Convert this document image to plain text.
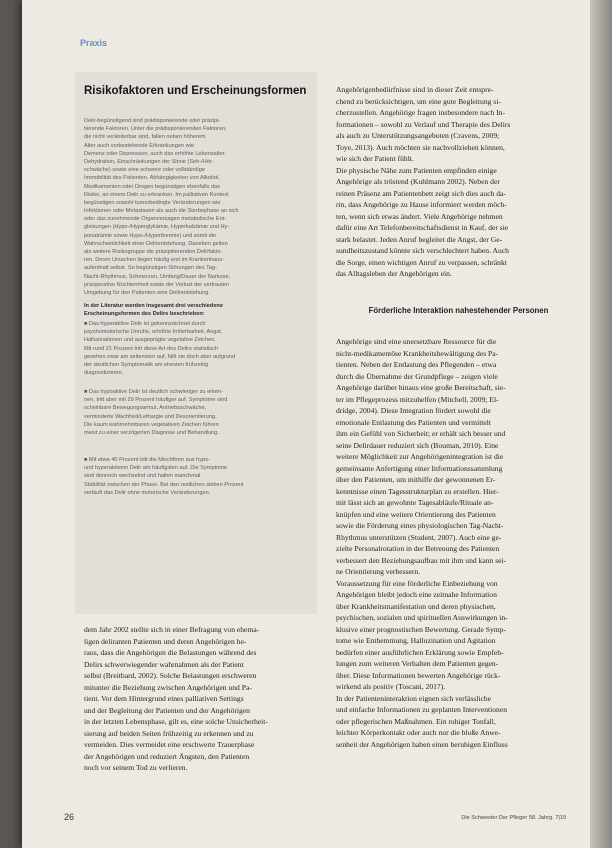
Praxis
Risikofaktoren und Erscheinungsformen
Delir-begünstigend sind prädisponierende oder präzipi-
tierende Faktoren. Unter die prädisponierenden Faktoren,
die nicht veränderbar sind, fallen neben höherem
Alter auch vorbestehende Erkrankungen wie
Demenz oder Depression, auch das erhöhte Lebensalter,
Dehydration, Einschränkungen der Sinne (Seh-/Hör-
schwäche) sowie eine schwere oder vollständige
Immobilität des Patienten. Abhängigkeiten von Alkohol,
Medikamenten oder Drogen begünstigen ebenfalls das
Risiko, an einem Delir zu erkranken. Im palliativen Kontext
begünstigen sowohl tumorbedingte Veränderungen wie
Infektionen oder Metastasen als auch die Sterbephase an sich
oder das zunehmende Organversagen metabolische Ent-
gleisungen (Hypo-/Hyperglykämie, Hyperkalzämie und Hy-
ponaträmie sowie Hypo-/Hyperthermie) und somit die
Wahrscheinlichkeit einer Delirentstehung. Daneben gelten
als weitere Risikogruppe die präzipitierenden Delirfakto-
ren. Deren Ursachen liegen häufig erst im Krankenhaus-
aufenthalt selbst. So begünstigen Störungen des Tag-
Nacht-Rhythmus, Schmerzen, Umfang/Dauer der Narkose,
präoperative Nüchternheit sowie der Verlust der vertrauten
Umgebung für den Patienten eine Delirentstehung.
In der Literatur werden insgesamt drei verschiedene
Erscheinungsformen des Delirs beschrieben:
■ Das hyperaktive Delir ist gekennzeichnet durch
psychomotorische Unruhe, erhöhte Irritierbarkeit, Angst,
Halluzinationen und ausgeprägte vegetative Zeichen.
Mit rund 21 Prozent tritt diese Art des Delirs statistisch
gesehen zwar am seltensten auf, fällt sie doch aber aufgrund
der deutlichen Symptomatik am ehesten frühzeitig
diagnostizieren.
■ Das hypoaktive Delir ist deutlich schwieriger zu erken-
nen, tritt aber mit 29 Prozent häufiger auf. Symptome sind
scheinbare Bewegungsarmut, Antriebsschwäche,
verminderte Wachheit/Lethargie und Desorientierung.
Die kaum wahrnehmbaren vegetativen Zeichen führen
meist zu einer verzögerten Diagnose und Behandlung.
■ Mit etwa 40 Prozent tritt die Mischform aus hypo-
und hyperaktivem Delir am häufigsten auf. Die Symptome
sind dennoch wechselnd und halten manchmal
Stabilität zwischen der Phase. Bei den restlichen sieben Prozent
verläuft das Delir ohne motorische Veränderungen.
dem Jahr 2002 stellte sich in einer Befragung von ehema-
ligen deliranten Patienten und deren Angehörigen he-
raus, dass die Angehörigen die Belastungen während des
Delirs schwerwiegender wahrnahmen als der Patient
selbst (Breitbard, 2002). Solche Belastungen erschweren
mitunter die Beziehung zwischen Angehörigen und Pa-
tient. Vor dem Hintergrund eines palliativen Settings
und der Begleitung der Patienten und der Angehörigen
in der letzten Lebensphase, gilt es, eine solche Unsicherheit-
sierung auf beiden Seiten frühzeitig zu erkennen und zu
vermeiden. Dies vermeidet eine erschwerte Trauerphase
der Angehörigen und reduziert Ängsten, den Patienten
noch vor seinem Tod zu verlieren.
Angehörigenbedürfnisse sind in dieser Zeit entspre-
chend zu berücksichtigen, um eine gute Begleitung si-
cherzustellen. Angehörige fragen insbesondere nach In-
formationen – sowohl zu Verlauf und Therapie des Delirs
als auch zu Unterstützungsangeboten (Cravens, 2009;
Toye, 2013). Auch möchten sie nachvollziehen können,
wie sich der Patient fühlt.
Die physische Nähe zum Patienten empfinden einige
Angehörige als tröstend (Kuhlmann 2002). Neben der
reinen Präsenz am Patientenbett zeigt sich dies auch da-
rin, dass Angehörige zu Hause informiert werden möch-
ten, wenn sich etwas ändert. Viele Angehörige nehmen
dafür eine Art Telefonbereitschaftsdienst in Kauf, der sie
stark belastet. Jeden Anruf begleitet die Angst, der Ge-
sundheitszustand könnte sich verschlechtert haben. Auch
die Sorge, einen wichtigen Anruf zu verpassen, schränkt
das Alltagsleben der Angehörigen ein.
Förderliche Interaktion nahestehender Personen
Angehörige sind eine unersetzbare Ressource für die
nicht-medikamentöse Krankheitsbewältigung des Pa-
tienten. Neben der Entlastung des Pflegenden – etwa
durch die Übernahme der Grundpflege – zeigen viele
Angehörige darüber hinaus eine große Bereitschaft, sie-
ter im Pflegeprozess mitzuhelfen (Mitchell, 2009; El-
dridge, 2004). Diese Integration fördert sowohl die
emotionale Entlastung des Patienten und vermittelt
ihm ein Gefühl von Sicherheit; er erhält sich besser und
seine Delirdauer reduziert sich (Bouman, 2010). Eine
weitere Möglichkeit zur Angehörigenintegration ist die
gemeinsame Anfertigung einer Informationssammlung
über den Patienten, um mithilfe der gewonnenen Er-
kenntnisse einen Tagesstrukturplan zu erstellen. Hier-
mit lässt sich an gewohnte Tagesabläufe/Rituale an-
knüpfen und eine weitere Orientierung des Patienten
sowie die Förderung eines physiologischen Tag-Nacht-
Rhythmus unterstützen (Student, 2007). Auch eine ge-
zielte Personalrotation in der Betreuung des Patienten
verbessert den Beziehungsaufbau mit ihm und kann sei-
ne Orientierung verbessern.
Voraussetzung für eine förderliche Einbeziehung von
Angehörigen bleibt jedoch eine zeitnahe Information
über Krankheitsmanifestation und deren physischen,
psychischen, sozialen und spirituellen Auswirkungen in-
klusive einer prognostischen Bewertung. Gerade Symp-
tome wie Enthemmung, Halluzination und Agitation
bedürfen einer ausführlichen Erklärung sowie Empfeh-
lungen zum weiteren Verhalten dem Patienten gegen-
über. Diese Informationen bewerten Angehörige rück-
wirkend als positiv (Toscani, 2017).
In der Patienteninteraktion eignen sich verlässliche
und einfache Informationen zu geplanten Interventionen
oder pflegerischen Maßnahmen. Ein ruhiger Tonfall,
leichter Körperkontakt oder auch nur die bloße Anwe-
senheit der Angehörigen haben einen beruhigen Einfluss
26	Die Schwester Der Pfleger 58. Jahrg. 7|19
